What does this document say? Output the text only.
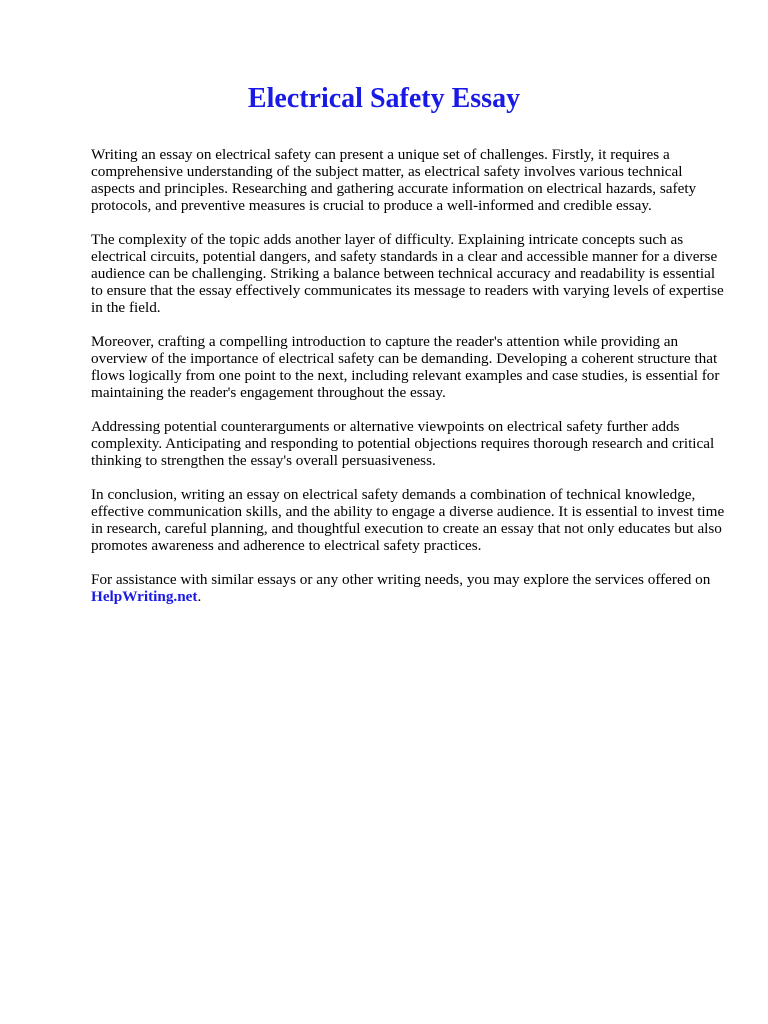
Electrical Safety Essay

Writing an essay on electrical safety can present a unique set of challenges. Firstly, it requires a comprehensive understanding of the subject matter, as electrical safety involves various technical aspects and principles. Researching and gathering accurate information on electrical hazards, safety protocols, and preventive measures is crucial to produce a well-informed and credible essay.

The complexity of the topic adds another layer of difficulty. Explaining intricate concepts such as electrical circuits, potential dangers, and safety standards in a clear and accessible manner for a diverse audience can be challenging. Striking a balance between technical accuracy and readability is essential to ensure that the essay effectively communicates its message to readers with varying levels of expertise in the field.

Moreover, crafting a compelling introduction to capture the reader's attention while providing an overview of the importance of electrical safety can be demanding. Developing a coherent structure that flows logically from one point to the next, including relevant examples and case studies, is essential for maintaining the reader's engagement throughout the essay.

Addressing potential counterarguments or alternative viewpoints on electrical safety further adds complexity. Anticipating and responding to potential objections requires thorough research and critical thinking to strengthen the essay's overall persuasiveness.

In conclusion, writing an essay on electrical safety demands a combination of technical knowledge, effective communication skills, and the ability to engage a diverse audience. It is essential to invest time in research, careful planning, and thoughtful execution to create an essay that not only educates but also promotes awareness and adherence to electrical safety practices.

For assistance with similar essays or any other writing needs, you may explore the services offered on HelpWriting.net.
